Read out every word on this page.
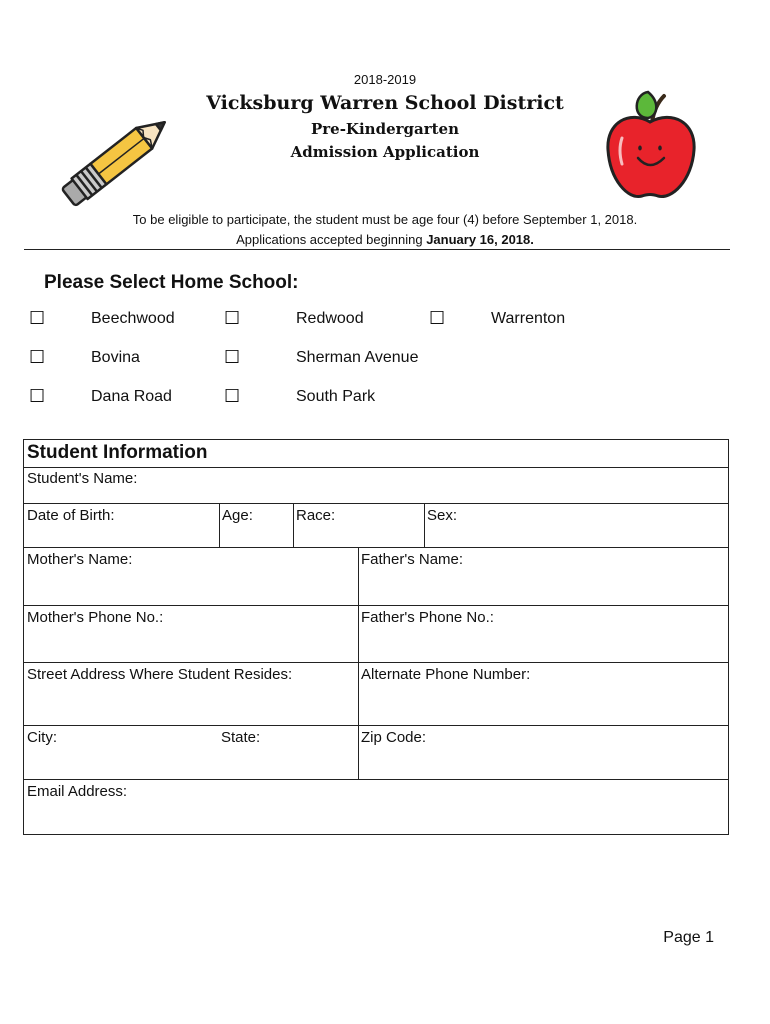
2018-2019
Vicksburg Warren School District
Pre-Kindergarten
Admission Application
To be eligible to participate, the student must be age four (4) before September 1, 2018.
Applications accepted beginning January 16, 2018.
Please Select Home School:
☐	Beechwood	☐	Redwood	☐	Warrenton
☐	Bovina	☐	Sherman Avenue
☐	Dana Road	☐	South Park
Student Information
Student's Name:
Date of Birth:	Age:	Race:	Sex:
Mother's Name:	Father's Name:
Mother's Phone No.:	Father's Phone No.:
Street Address Where Student Resides:	Alternate Phone Number:
City:	State:	Zip Code:
Email Address:
Page 1
